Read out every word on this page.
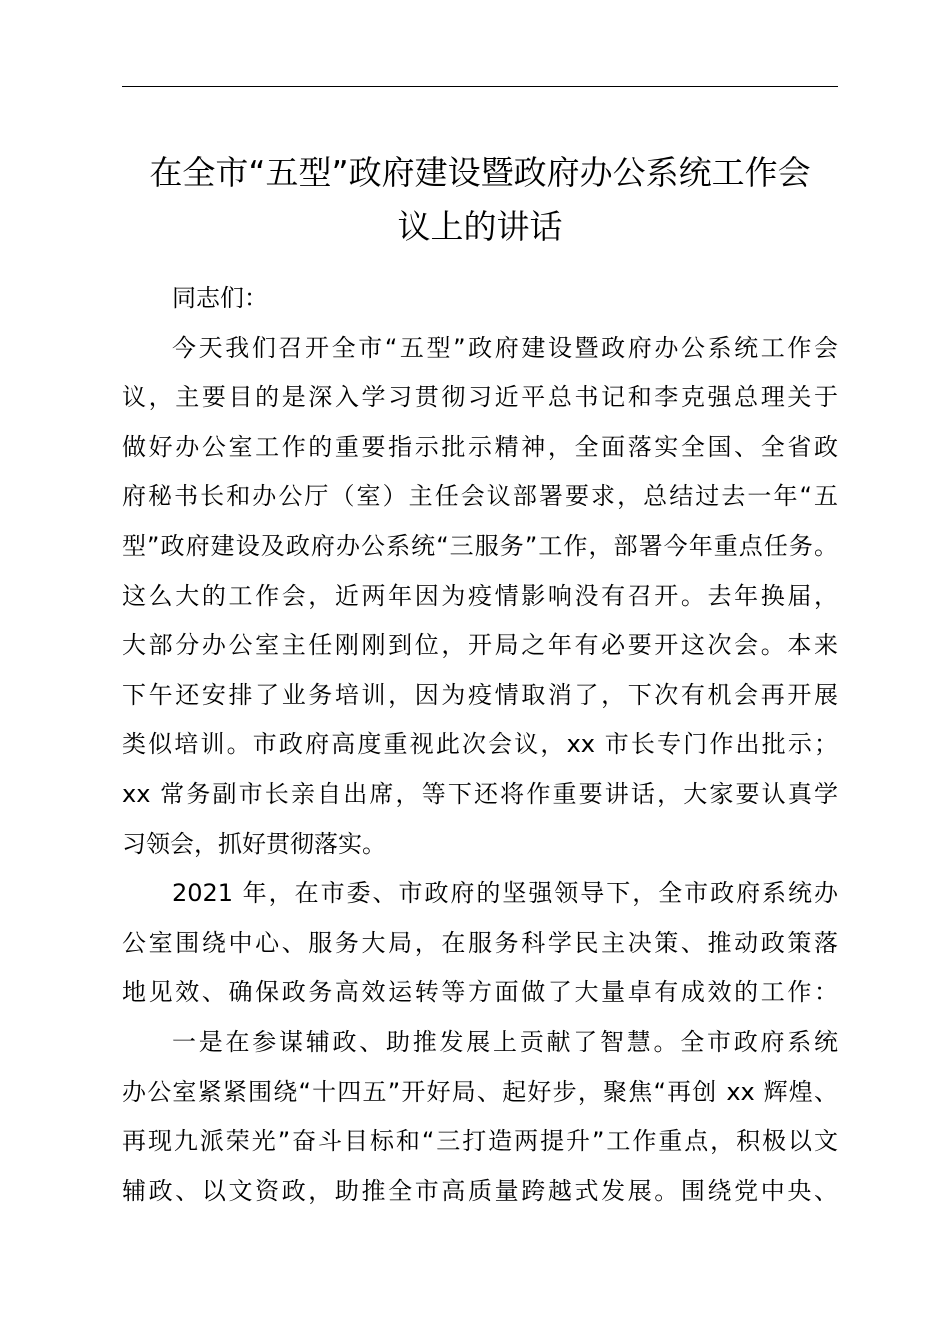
在全市“五型”政府建设暨政府办公系统工作会
议上的讲话
同志们：
今天我们召开全市“五型”政府建设暨政府办公系统工作会
议，主要目的是深入学习贯彻习近平总书记和李克强总理关于
做好办公室工作的重要指示批示精神，全面落实全国、全省政
府秘书长和办公厅（室）主任会议部署要求，总结过去一年“五
型”政府建设及政府办公系统“三服务”工作，部署今年重点任务。
这么大的工作会，近两年因为疫情影响没有召开。去年换届，
大部分办公室主任刚刚到位，开局之年有必要开这次会。本来
下午还安排了业务培训，因为疫情取消了，下次有机会再开展
类似培训。市政府高度重视此次会议，xx 市长专门作出批示；
xx 常务副市长亲自出席，等下还将作重要讲话，大家要认真学
习领会，抓好贯彻落实。
2021 年，在市委、市政府的坚强领导下，全市政府系统办
公室围绕中心、服务大局，在服务科学民主决策、推动政策落
地见效、确保政务高效运转等方面做了大量卓有成效的工作：
一是在参谋辅政、助推发展上贡献了智慧。全市政府系统
办公室紧紧围绕“十四五”开好局、起好步，聚焦“再创 xx 辉煌、
再现九派荣光”奋斗目标和“三打造两提升”工作重点，积极以文
辅政、以文资政，助推全市高质量跨越式发展。围绕党中央、
